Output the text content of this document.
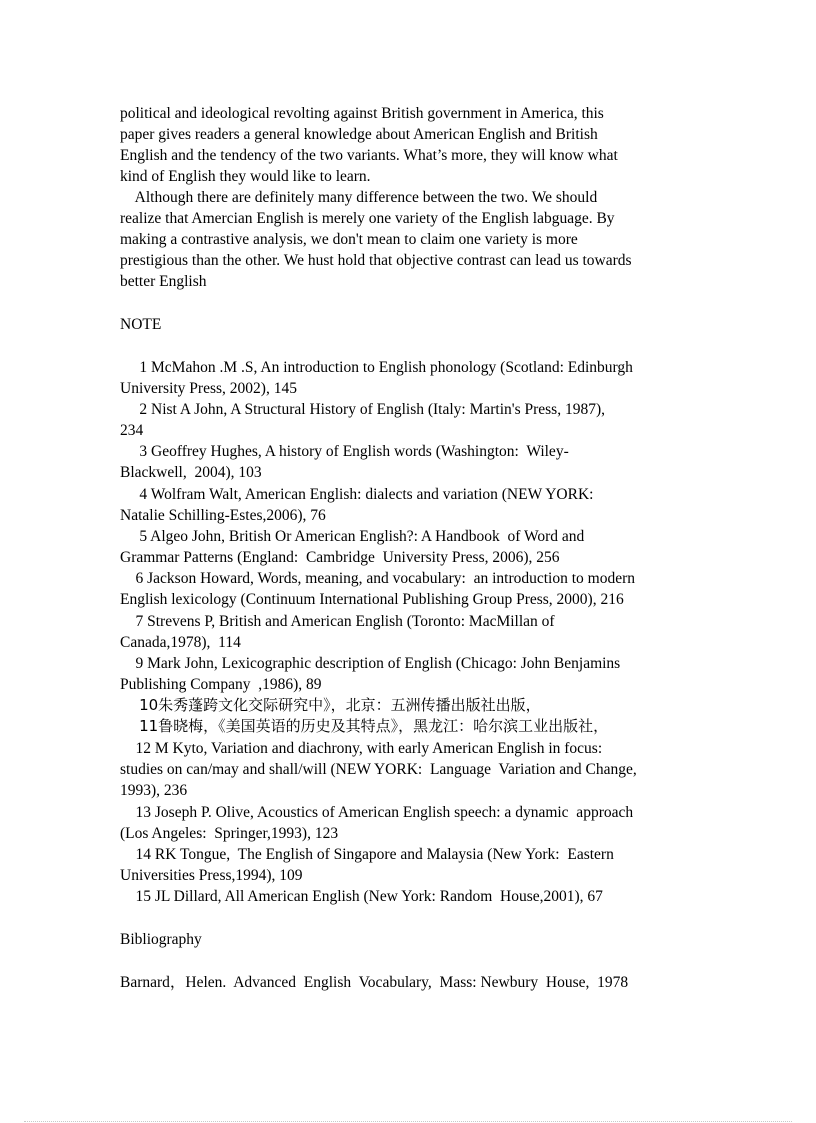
political and ideological revolting against British government in America, this
paper gives readers a general knowledge about American English and British
English and the tendency of the two variants. What’s more, they will know what
kind of English they would like to learn.
Although there are definitely many difference between the two. We should
realize that Amercian English is merely one variety of the English labguage. By
making a contrastive analysis, we don't mean to claim one variety is more
prestigious than the other. We hust hold that objective contrast can lead us towards
better English
NOTE
1 McMahon .M .S, An introduction to English phonology (Scotland: Edinburgh
University Press, 2002), 145
2 Nist A John, A Structural History of English (Italy: Martin's Press, 1987),
234
3 Geoffrey Hughes, A history of English words (Washington:  Wiley-
Blackwell,  2004), 103
4 Wolfram Walt, American English: dialects and variation (NEW YORK:
Natalie Schilling-Estes,2006), 76
5 Algeo John, British Or American English?: A Handbook  of Word and
Grammar Patterns (England:  Cambridge  University Press, 2006), 256
6 Jackson Howard, Words, meaning, and vocabulary:  an introduction to modern
English lexicology (Continuum International Publishing Group Press, 2000), 216
7 Strevens P, British and American English (Toronto: MacMillan of
Canada,1978),  114
9 Mark John, Lexicographic description of English (Chicago: John Benjamins
Publishing Company  ,1986), 89
10朱秀蓬跨文化交际研究中》，北京：五洲传播出版社出版，
11鲁晓梅，《美国英语的历史及其特点》，黑龙江：哈尔滨工业出版社，
12 M Kyto, Variation and diachrony, with early American English in focus:
studies on can/may and shall/will (NEW YORK:  Language  Variation and Change,
1993), 236
13 Joseph P. Olive, Acoustics of American English speech: a dynamic  approach
(Los Angeles:  Springer,1993), 123
14 RK Tongue,  The English of Singapore and Malaysia (New York:  Eastern
Universities Press,1994), 109
15 JL Dillard, All American English (New York: Random  House,2001), 67
Bibliography
Barnard，Helen.  Advanced  English  Vocabulary,  Mass: Newbury  House,  1978
